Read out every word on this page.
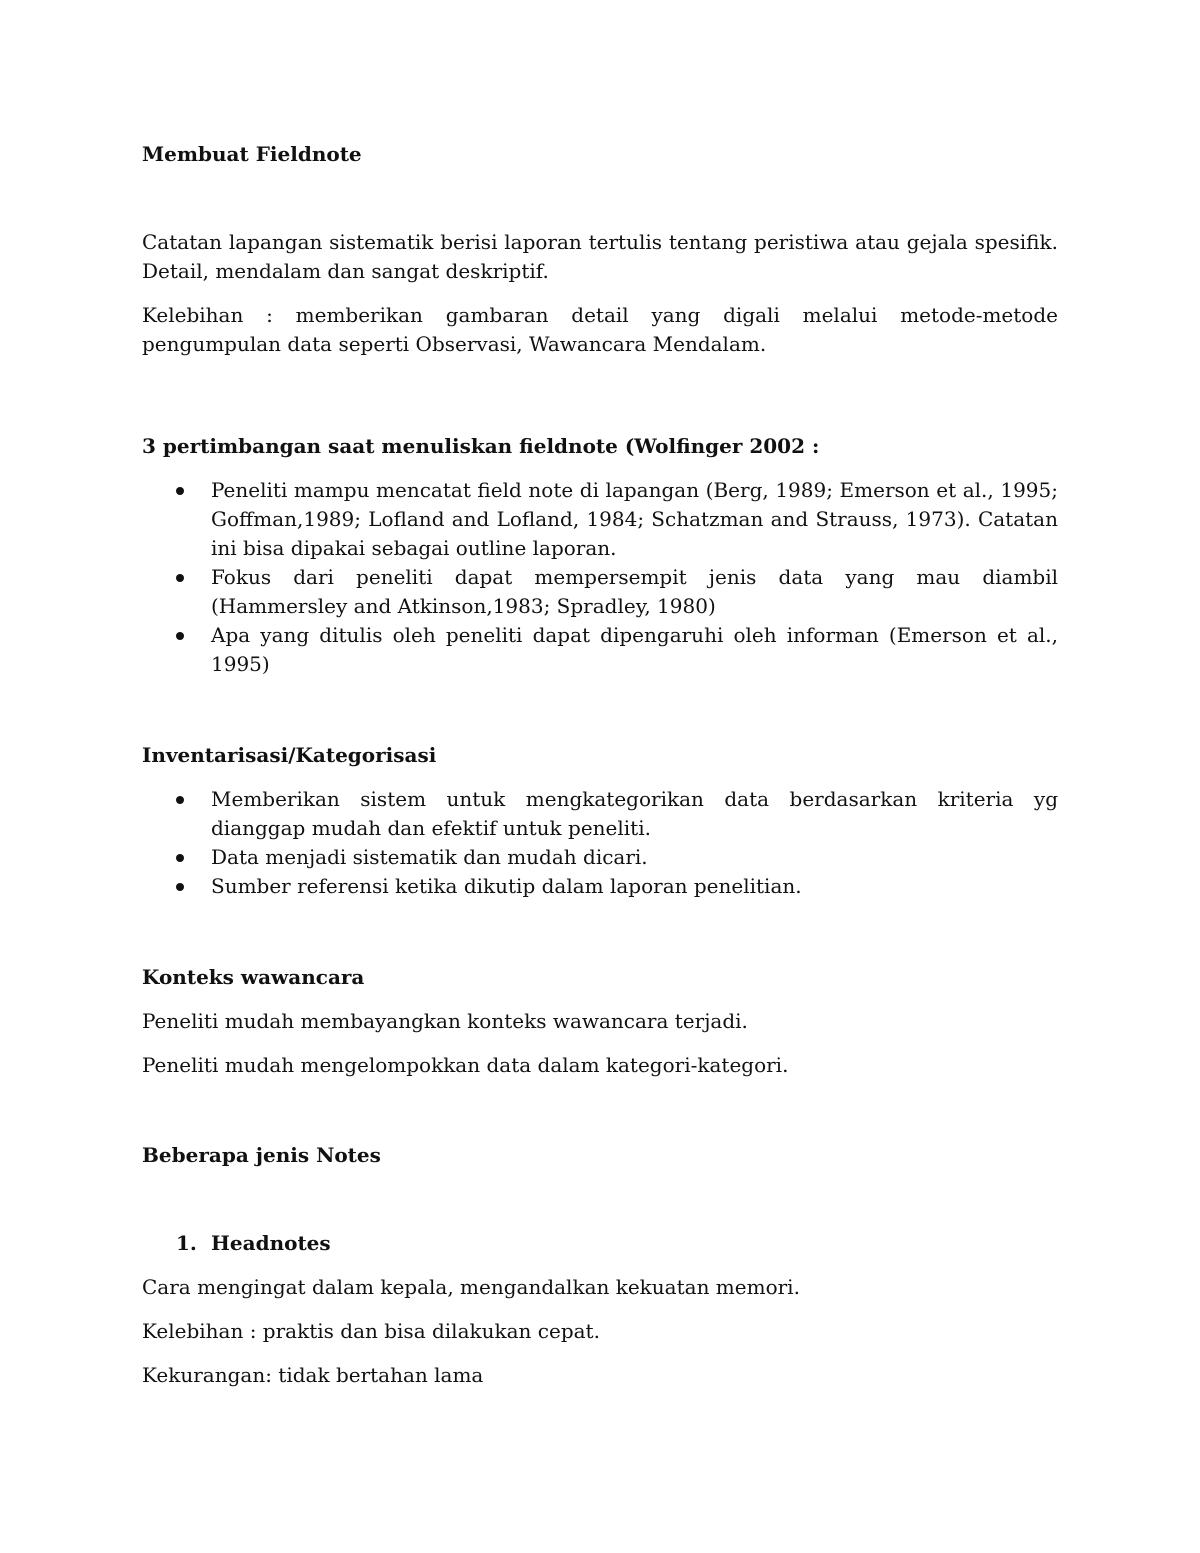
Membuat Fieldnote

Catatan lapangan sistematik berisi laporan tertulis tentang peristiwa atau gejala spesifik. Detail, mendalam dan sangat deskriptif.

Kelebihan : memberikan gambaran detail yang digali melalui metode-metode pengumpulan data seperti Observasi, Wawancara Mendalam.

3 pertimbangan saat menuliskan fieldnote (Wolfinger 2002 :
Peneliti mampu mencatat field note di lapangan (Berg, 1989; Emerson et al., 1995; Goffman,1989; Lofland and Lofland, 1984; Schatzman and Strauss, 1973). Catatan ini bisa dipakai sebagai outline laporan.
Fokus dari peneliti dapat mempersempit jenis data yang mau diambil (Hammersley and Atkinson,1983; Spradley, 1980)
Apa yang ditulis oleh peneliti dapat dipengaruhi oleh informan (Emerson et al., 1995)
Inventarisasi/Kategorisasi
Memberikan sistem untuk mengkategorikan data berdasarkan kriteria yg dianggap mudah dan efektif untuk peneliti.
Data menjadi sistematik dan mudah dicari.
Sumber referensi ketika dikutip dalam laporan penelitian.
Konteks wawancara

Peneliti mudah membayangkan konteks wawancara terjadi.

Peneliti mudah mengelompokkan data dalam kategori-kategori.

Beberapa jenis Notes
1. Headnotes

Cara mengingat dalam kepala, mengandalkan kekuatan memori.

Kelebihan : praktis dan bisa dilakukan cepat.

Kekurangan: tidak bertahan lama
